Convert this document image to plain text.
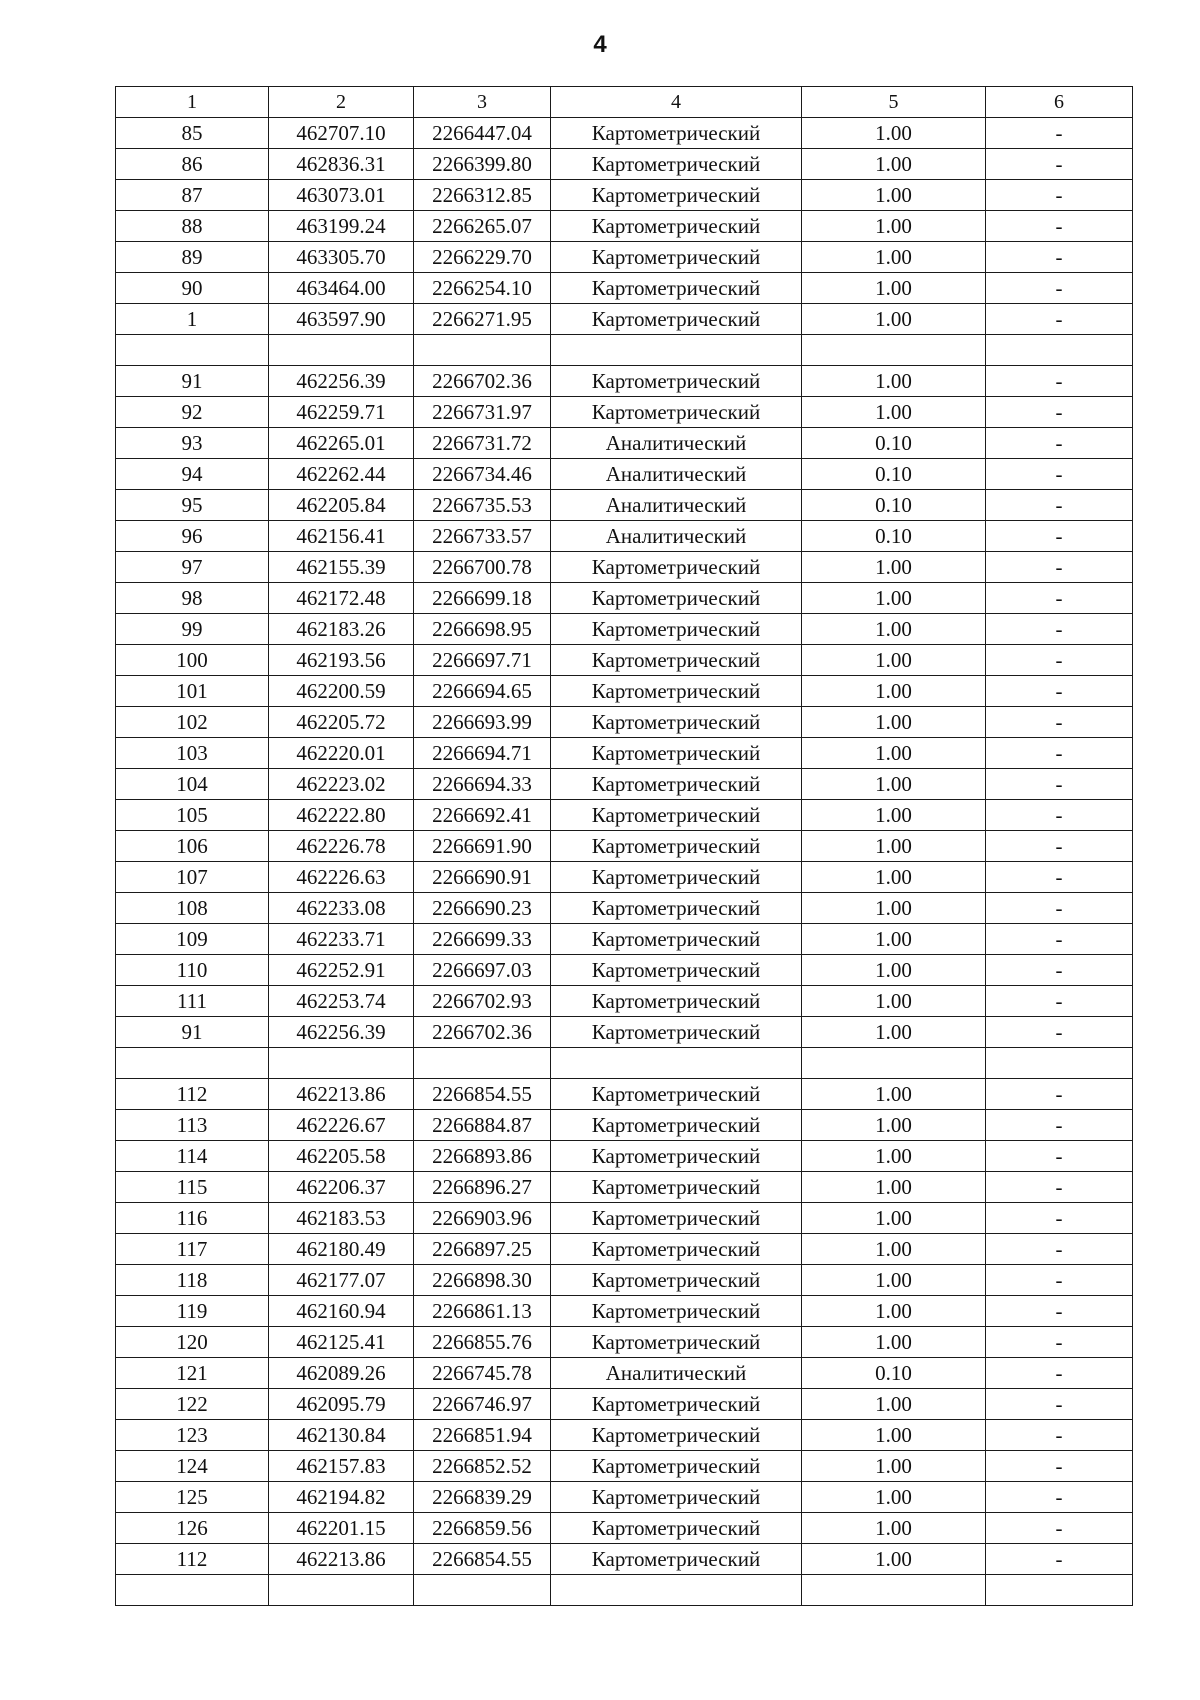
4
1	2	3	4	5	6
85	462707.10	2266447.04	Картометрический	1.00	-
86	462836.31	2266399.80	Картометрический	1.00	-
87	463073.01	2266312.85	Картометрический	1.00	-
88	463199.24	2266265.07	Картометрический	1.00	-
89	463305.70	2266229.70	Картометрический	1.00	-
90	463464.00	2266254.10	Картометрический	1.00	-
1	463597.90	2266271.95	Картометрический	1.00	-

91	462256.39	2266702.36	Картометрический	1.00	-
92	462259.71	2266731.97	Картометрический	1.00	-
93	462265.01	2266731.72	Аналитический	0.10	-
94	462262.44	2266734.46	Аналитический	0.10	-
95	462205.84	2266735.53	Аналитический	0.10	-
96	462156.41	2266733.57	Аналитический	0.10	-
97	462155.39	2266700.78	Картометрический	1.00	-
98	462172.48	2266699.18	Картометрический	1.00	-
99	462183.26	2266698.95	Картометрический	1.00	-
100	462193.56	2266697.71	Картометрический	1.00	-
101	462200.59	2266694.65	Картометрический	1.00	-
102	462205.72	2266693.99	Картометрический	1.00	-
103	462220.01	2266694.71	Картометрический	1.00	-
104	462223.02	2266694.33	Картометрический	1.00	-
105	462222.80	2266692.41	Картометрический	1.00	-
106	462226.78	2266691.90	Картометрический	1.00	-
107	462226.63	2266690.91	Картометрический	1.00	-
108	462233.08	2266690.23	Картометрический	1.00	-
109	462233.71	2266699.33	Картометрический	1.00	-
110	462252.91	2266697.03	Картометрический	1.00	-
111	462253.74	2266702.93	Картометрический	1.00	-
91	462256.39	2266702.36	Картометрический	1.00	-

112	462213.86	2266854.55	Картометрический	1.00	-
113	462226.67	2266884.87	Картометрический	1.00	-
114	462205.58	2266893.86	Картометрический	1.00	-
115	462206.37	2266896.27	Картометрический	1.00	-
116	462183.53	2266903.96	Картометрический	1.00	-
117	462180.49	2266897.25	Картометрический	1.00	-
118	462177.07	2266898.30	Картометрический	1.00	-
119	462160.94	2266861.13	Картометрический	1.00	-
120	462125.41	2266855.76	Картометрический	1.00	-
121	462089.26	2266745.78	Аналитический	0.10	-
122	462095.79	2266746.97	Картометрический	1.00	-
123	462130.84	2266851.94	Картометрический	1.00	-
124	462157.83	2266852.52	Картометрический	1.00	-
125	462194.82	2266839.29	Картометрический	1.00	-
126	462201.15	2266859.56	Картометрический	1.00	-
112	462213.86	2266854.55	Картометрический	1.00	-
